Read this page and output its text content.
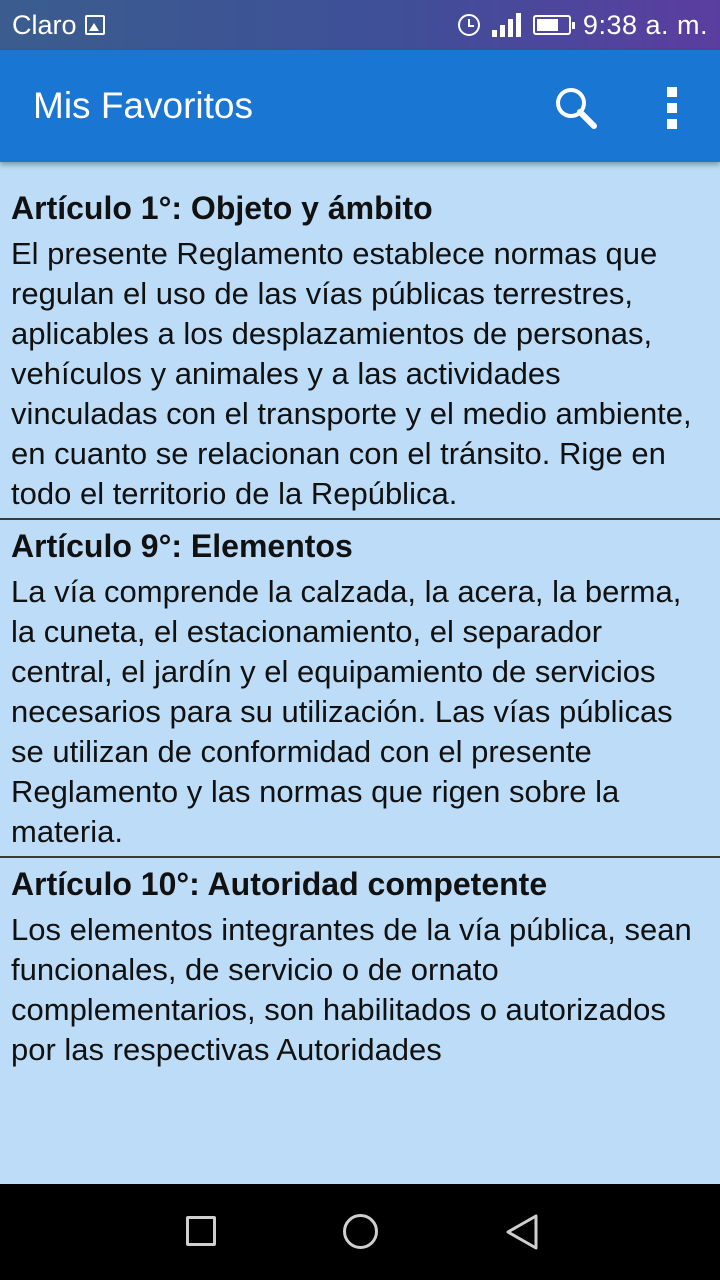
Claro	9:38 a. m.
Mis Favoritos

Artículo 1°: Objeto y ámbito

El presente Reglamento establece normas que regulan el uso de las vías públicas terrestres, aplicables a los desplazamientos de personas, vehículos y animales y a las actividades vinculadas con el transporte y el medio ambiente, en cuanto se relacionan con el tránsito. Rige en todo el territorio de la República.

Artículo 9°: Elementos

La vía comprende la calzada, la acera, la berma, la cuneta, el estacionamiento, el separador central, el jardín y el equipamiento de servicios necesarios para su utilización. Las vías públicas se utilizan de conformidad con el presente Reglamento y las normas que rigen sobre la materia.

Artículo 10°: Autoridad competente

Los elementos integrantes de la vía pública, sean funcionales, de servicio o de ornato complementarios, son habilitados o autorizados por las respectivas Autoridades
